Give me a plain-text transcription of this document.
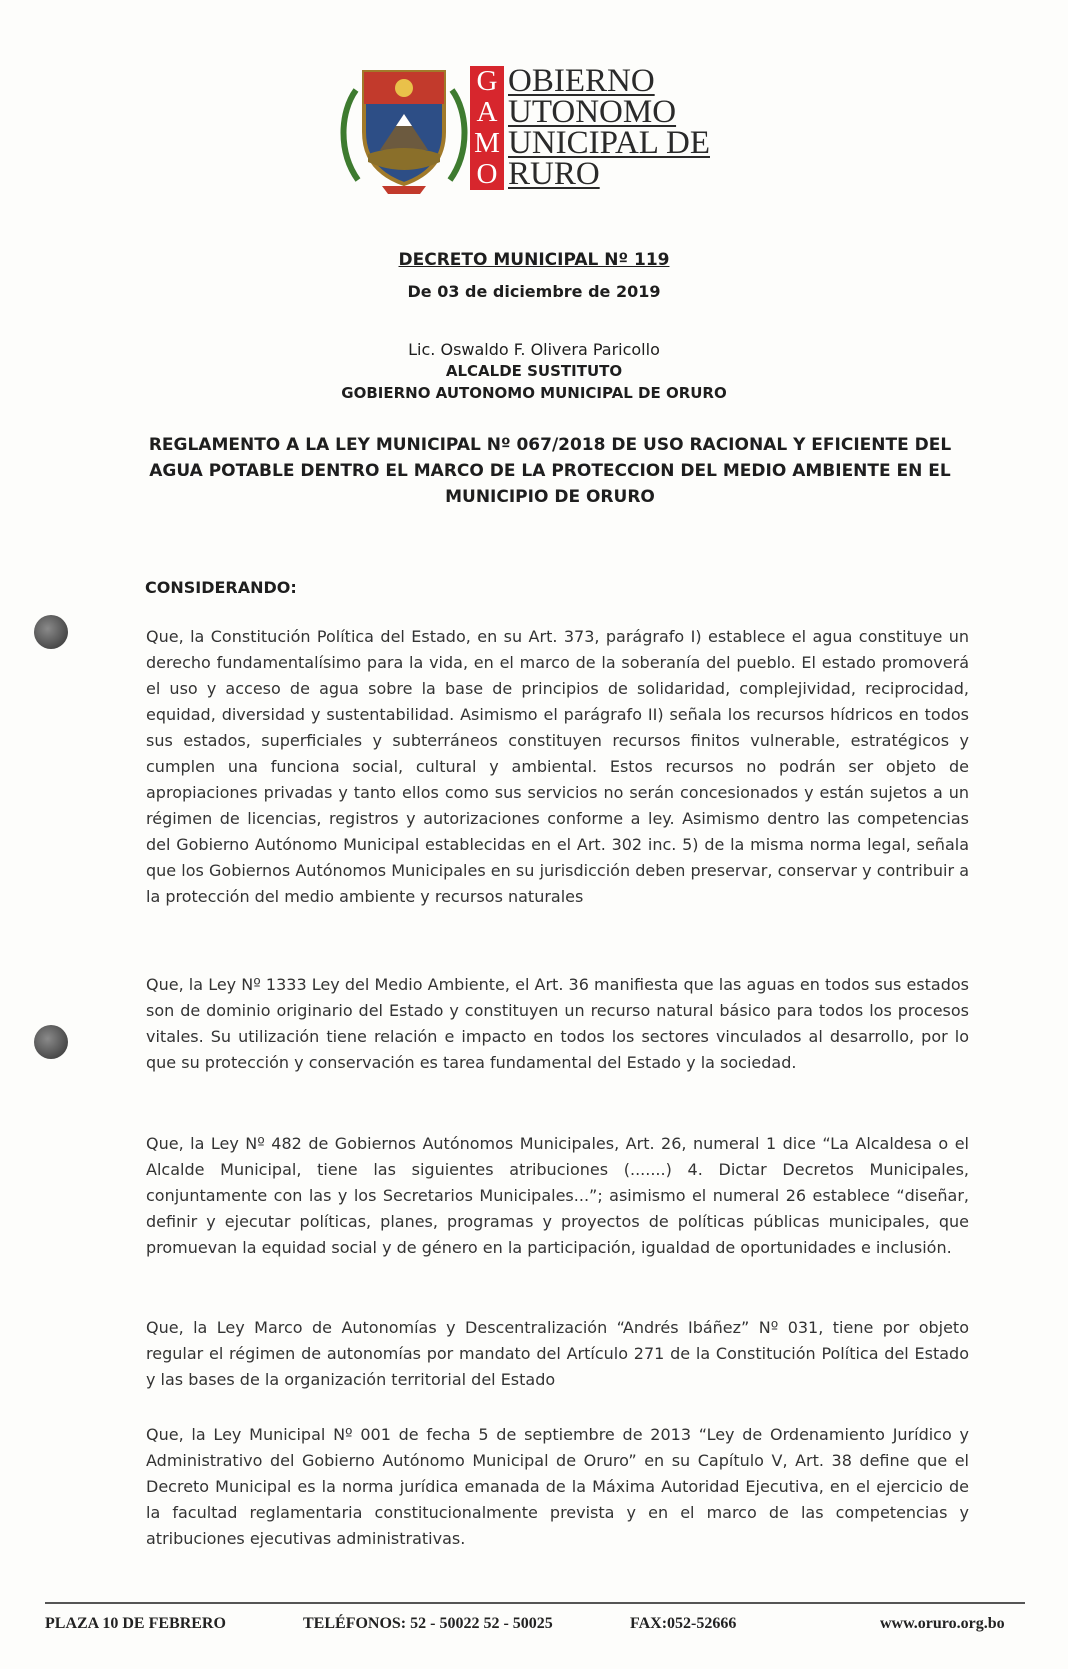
G
A
M
O
OBIERNO
UTONOMO
UNICIPAL DE
RURO
DECRETO MUNICIPAL Nº 119
De 03 de diciembre de 2019
Lic. Oswaldo F. Olivera Paricollo
ALCALDE SUSTITUTO
GOBIERNO AUTONOMO MUNICIPAL DE ORURO
REGLAMENTO A LA LEY MUNICIPAL Nº 067/2018 DE USO RACIONAL Y EFICIENTE DEL AGUA POTABLE DENTRO EL MARCO DE LA PROTECCION DEL MEDIO AMBIENTE EN EL MUNICIPIO DE ORURO
CONSIDERANDO:
Que, la Constitución Política del Estado, en su Art. 373, parágrafo I) establece el agua constituye un derecho fundamentalísimo para la vida, en el marco de la soberanía del pueblo. El estado promoverá el uso y acceso de agua sobre la base de principios de solidaridad, complejividad, reciprocidad, equidad, diversidad y sustentabilidad. Asimismo el parágrafo II) señala los recursos hídricos en todos sus estados, superficiales y subterráneos constituyen recursos finitos vulnerable, estratégicos y cumplen una funciona social, cultural y ambiental. Estos recursos no podrán ser objeto de apropiaciones privadas y tanto ellos como sus servicios no serán concesionados y están sujetos a un régimen de licencias, registros y autorizaciones conforme a ley. Asimismo dentro las competencias del Gobierno Autónomo Municipal establecidas en el Art. 302 inc. 5) de la misma norma legal, señala que los Gobiernos Autónomos Municipales en su jurisdicción deben preservar, conservar y contribuir a la protección del medio ambiente y recursos naturales
Que, la Ley Nº 1333 Ley del Medio Ambiente, el Art. 36 manifiesta que las aguas en todos sus estados son de dominio originario del Estado y constituyen un recurso natural básico para todos los procesos vitales. Su utilización tiene relación e impacto en todos los sectores vinculados al desarrollo, por lo que su protección y conservación es tarea fundamental del Estado y la sociedad.
Que, la Ley Nº 482 de Gobiernos Autónomos Municipales, Art. 26, numeral 1 dice “La Alcaldesa o el Alcalde Municipal, tiene las siguientes atribuciones (.......) 4. Dictar Decretos Municipales, conjuntamente con las y los Secretarios Municipales...”; asimismo el numeral 26 establece “diseñar, definir y ejecutar políticas, planes, programas y proyectos de políticas públicas municipales, que promuevan la equidad social y de género en la participación, igualdad de oportunidades e inclusión.
Que, la Ley Marco de Autonomías y Descentralización “Andrés Ibáñez” Nº 031, tiene por objeto regular el régimen de autonomías por mandato del Artículo 271 de la Constitución Política del Estado y las bases de la organización territorial del Estado
Que, la Ley Municipal Nº 001 de fecha 5 de septiembre de 2013 “Ley de Ordenamiento Jurídico y Administrativo del Gobierno Autónomo Municipal de Oruro” en su Capítulo V, Art. 38 define que el Decreto Municipal es la norma jurídica emanada de la Máxima Autoridad Ejecutiva, en el ejercicio de la facultad reglamentaria constitucionalmente prevista y en el marco de las competencias y atribuciones ejecutivas administrativas.
PLAZA 10 DE FEBRERO	TELÉFONOS: 52 - 50022 52 - 50025	FAX:052-52666	www.oruro.org.bo
